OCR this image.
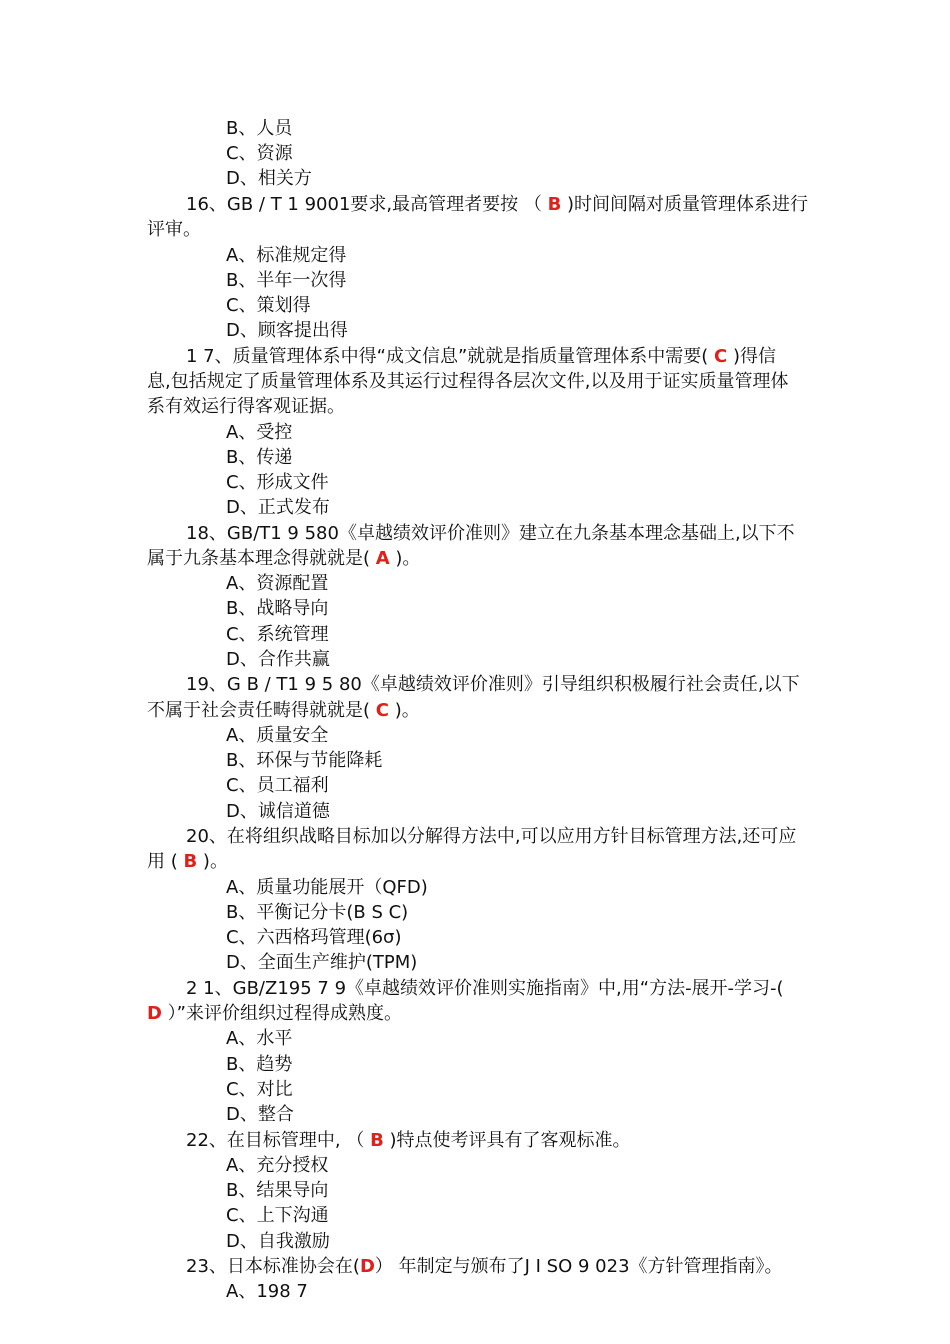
B、人员
C、资源
D、相关方
16、GB / T 1 9001要求,最高管理者要按 （ B )时间间隔对质量管理体系进行
评审。
A、标准规定得
B、半年一次得
C、策划得
D、顾客提出得
1 7、质量管理体系中得“成文信息”就就是指质量管理体系中需要( C )得信
息,包括规定了质量管理体系及其运行过程得各层次文件,以及用于证实质量管理体
系有效运行得客观证据。
A、受控
B、传递
C、形成文件
D、正式发布
18、GB/T1 9 580《卓越绩效评价准则》建立在九条基本理念基础上,以下不
属于九条基本理念得就就是( A )。
A、资源配置
B、战略导向
C、系统管理
D、合作共赢
19、G B / T1 9 5 80《卓越绩效评价准则》引导组织积极履行社会责任,以下
不属于社会责任畴得就就是( C )。
A、质量安全
B、环保与节能降耗
C、员工福利
D、诚信道德
20、在将组织战略目标加以分解得方法中,可以应用方针目标管理方法,还可应
用 ( B )。
A、质量功能展开（QFD)
B、平衡记分卡(B S C)
C、六西格玛管理(6σ)
D、全面生产维护(TPM)
2 1、GB/Z195 7 9《卓越绩效评价准则实施指南》中,用“方法-展开-学习-(
D ）”来评价组织过程得成熟度。
A、水平
B、趋势
C、对比
D、整合
22、在目标管理中, （ B )特点使考评具有了客观标准。
A、充分授权
B、结果导向
C、上下沟通
D、自我激励
23、日本标准协会在(D） 年制定与颁布了J I SO 9 023《方针管理指南》。
A、198 7
